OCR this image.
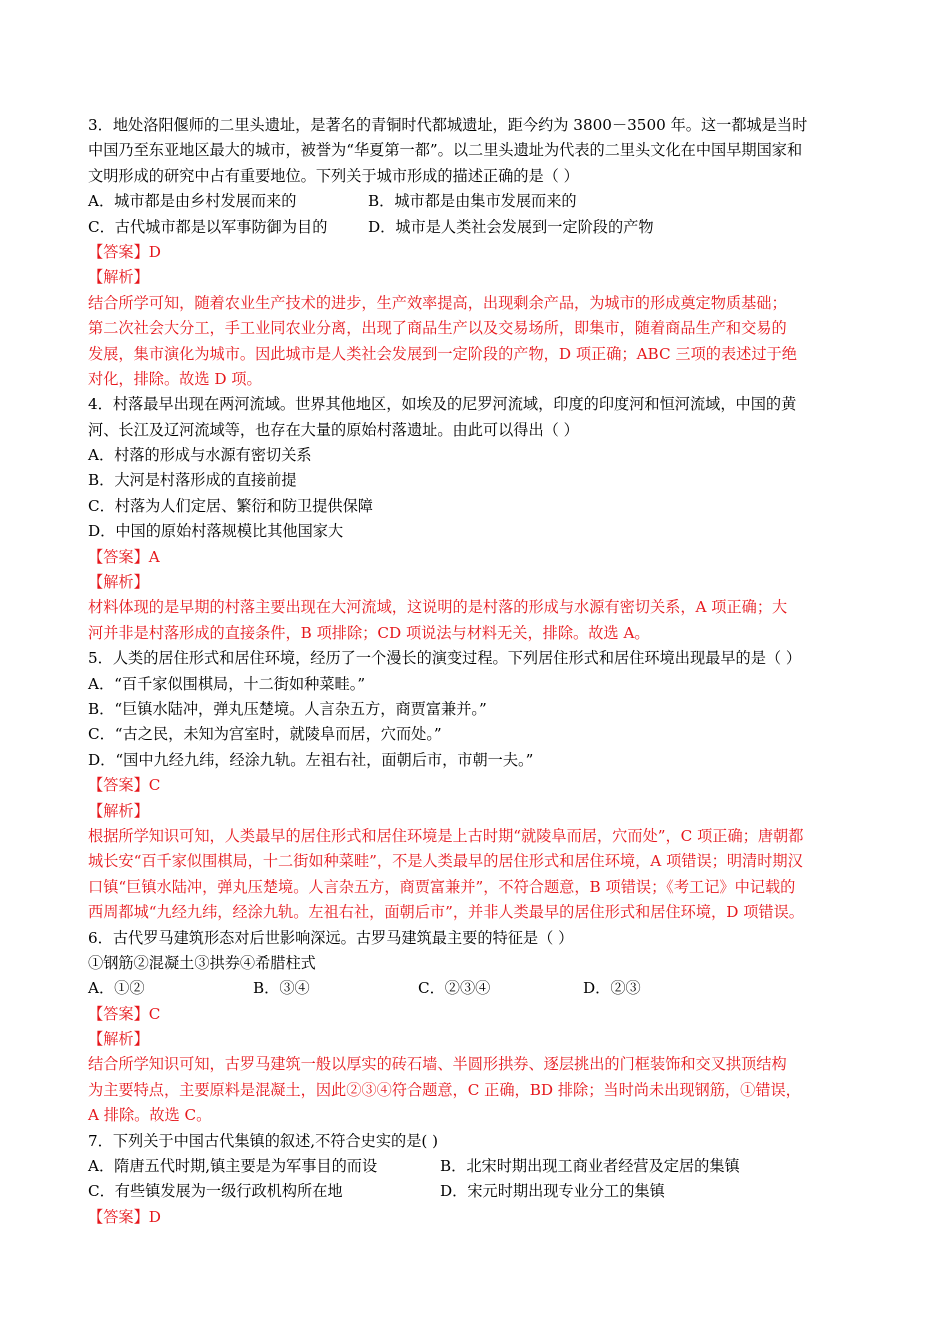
3．地处洛阳偃师的二里头遗址，是著名的青铜时代都城遗址，距今约为 3800－3500 年。这一都城是当时
中国乃至东亚地区最大的城市，被誉为“华夏第一都”。以二里头遗址为代表的二里头文化在中国早期国家和
文明形成的研究中占有重要地位。下列关于城市形成的描述正确的是（ ）
A．城市都是由乡村发展而来的	B．城市都是由集市发展而来的
C．古代城市都是以军事防御为目的	D．城市是人类社会发展到一定阶段的产物
【答案】D
【解析】
结合所学可知，随着农业生产技术的进步，生产效率提高，出现剩余产品，为城市的形成奠定物质基础；
第二次社会大分工，手工业同农业分离，出现了商品生产以及交易场所，即集市，随着商品生产和交易的
发展，集市演化为城市。因此城市是人类社会发展到一定阶段的产物，D 项正确；ABC 三项的表述过于绝
对化，排除。故选 D 项。
4．村落最早出现在两河流域。世界其他地区，如埃及的尼罗河流域，印度的印度河和恒河流域，中国的黄
河、长江及辽河流域等，也存在大量的原始村落遗址。由此可以得出（ ）
A．村落的形成与水源有密切关系
B．大河是村落形成的直接前提
C．村落为人们定居、繁衍和防卫提供保障
D．中国的原始村落规模比其他国家大
【答案】A
【解析】
材料体现的是早期的村落主要出现在大河流域，这说明的是村落的形成与水源有密切关系，A 项正确；大
河并非是村落形成的直接条件，B 项排除；CD 项说法与材料无关，排除。故选 A。
5．人类的居住形式和居住环境，经历了一个漫长的演变过程。下列居住形式和居住环境出现最早的是（ ）
A．“百千家似围棋局，十二街如种菜畦。”
B．“巨镇水陆冲，弹丸压楚境。人言杂五方，商贾富兼并。”
C．“古之民，未知为宫室时，就陵阜而居，穴而处。”
D．“国中九经九纬，经涂九轨。左祖右社，面朝后市，市朝一夫。”
【答案】C
【解析】
根据所学知识可知，人类最早的居住形式和居住环境是上古时期“就陵阜而居，穴而处”，C 项正确；唐朝都
城长安“百千家似围棋局，十二街如种菜畦”，不是人类最早的居住形式和居住环境，A 项错误；明清时期汉
口镇“巨镇水陆冲，弹丸压楚境。人言杂五方，商贾富兼并”，不符合题意，B 项错误；《考工记》中记载的
西周都城“九经九纬，经涂九轨。左祖右社，面朝后市”，并非人类最早的居住形式和居住环境，D 项错误。
6．古代罗马建筑形态对后世影响深远。古罗马建筑最主要的特征是（ ）
①钢筋②混凝土③拱券④希腊柱式
A．①②	B．③④	C．②③④	D．②③
【答案】C
【解析】
结合所学知识可知，古罗马建筑一般以厚实的砖石墙、半圆形拱券、逐层挑出的门框装饰和交叉拱顶结构
为主要特点，主要原料是混凝土，因此②③④符合题意，C 正确，BD 排除；当时尚未出现钢筋，①错误，
A 排除。故选 C。
7．下列关于中国古代集镇的叙述,不符合史实的是( )
A．隋唐五代时期,镇主要是为军事目的而设	B．北宋时期出现工商业者经营及定居的集镇
C．有些镇发展为一级行政机构所在地	D．宋元时期出现专业分工的集镇
【答案】D
